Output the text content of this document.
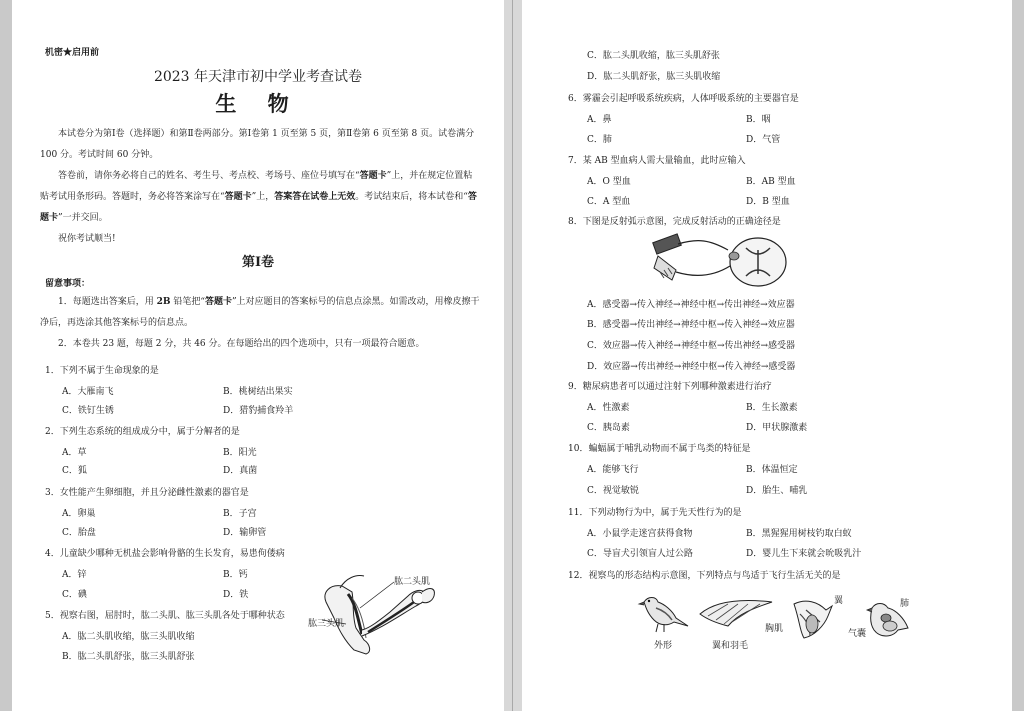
机密★启用前
2023 年天津市初中学业考查试卷
生 物
本试卷分为第Ⅰ卷（选择题）和第Ⅱ卷两部分。第Ⅰ卷第 1 页至第 5 页，第Ⅱ卷第 6 页至第 8 页。试卷满分 100 分。考试时间 60 分钟。
答卷前，请你务必将自己的姓名、考生号、考点校、考场号、座位号填写在“答题卡”上，并在规定位置粘贴考试用条形码。答题时，务必将答案涂写在“答题卡”上，答案答在试卷上无效。考试结束后，将本试卷和“答题卡”一并交回。
祝你考试顺当!
第Ⅰ卷
留意事项：
1．每题选出答案后，用 2B 铅笔把“答题卡”上对应题目的答案标号的信息点涂黑。如需改动，用橡皮擦干净后，再选涂其他答案标号的信息点。
2．本卷共 23 题，每题 2 分，共 46 分。在每题给出的四个选项中，只有一项最符合题意。
1．下列不属于生命现象的是
A．大雁南飞	B．桃树结出果实
C．铁钉生锈	D．猎豹捕食羚羊
2．下列生态系统的组成成分中，属于分解者的是
A．草	B．阳光
C．狐	D．真菌
3．女性能产生卵细胞，并且分泌雌性激素的器官是
A．卵巢	B．子宫
C．胎盘	D．输卵管
4．儿童缺少哪种无机盐会影响骨骼的生长发育，易患佝偻病
A．锌	B．钙
C．碘	D．铁
5．视察右图，屈肘时，肱二头肌、肱三头肌各处于哪种状态
A．肱二头肌收缩，肱三头肌收缩
B．肱二头肌舒张，肱三头肌舒张
肱二头肌
肱三头肌
C．肱二头肌收缩，肱三头肌舒张
D．肱二头肌舒张，肱三头肌收缩
6．雾霾会引起呼吸系统疾病，人体呼吸系统的主要器官是
A．鼻	B．咽
C．肺	D．气管
7．某 AB 型血病人需大量输血，此时应输入
A．O 型血	B．AB 型血
C．A 型血	D．B 型血
8．下图是反射弧示意图，完成反射活动的正确途径是
A．感受器→传入神经→神经中枢→传出神经→效应器
B．感受器→传出神经→神经中枢→传入神经→效应器
C．效应器→传入神经→神经中枢→传出神经→感受器
D．效应器→传出神经→神经中枢→传入神经→感受器
9．糖尿病患者可以通过注射下列哪种激素进行治疗
A．性激素	B．生长激素
C．胰岛素	D．甲状腺激素
10．蝙蝠属于哺乳动物而不属于鸟类的特征是
A．能够飞行	B．体温恒定
C．视觉敏锐	D．胎生、哺乳
11．下列动物行为中，属于先天性行为的是
A．小鼠学走迷宫获得食物	B．黑猩猩用树枝钓取白蚁
C．导盲犬引领盲人过公路	D．婴儿生下来就会吮吸乳汁
12．视察鸟的形态结构示意图，下列特点与鸟适于飞行生活无关的是
外形	翼和羽毛
翼
胸肌
肺
气囊
